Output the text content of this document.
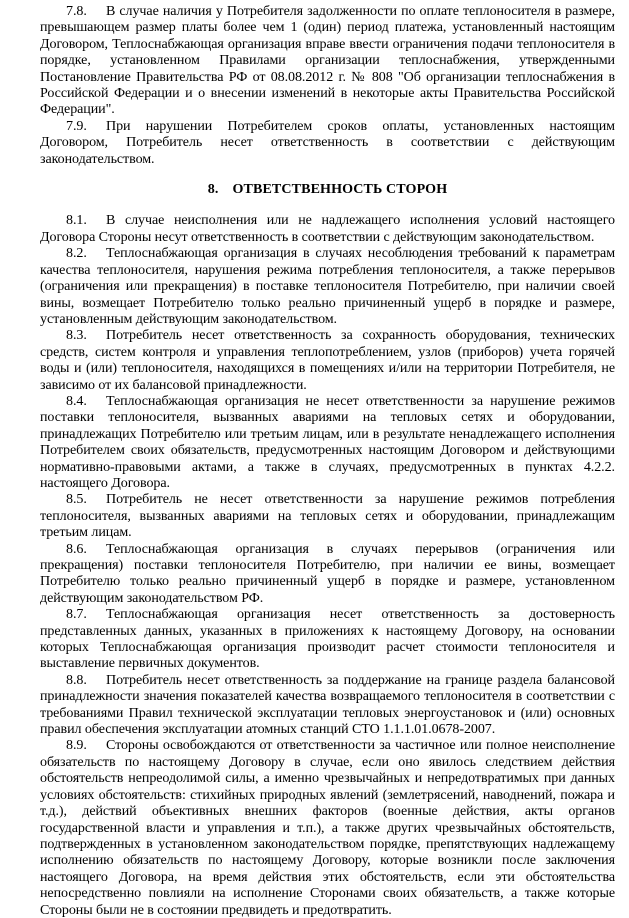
7.8. В случае наличия у Потребителя задолженности по оплате теплоносителя в размере, превышающем размер платы более чем 1 (один) период платежа, установленный настоящим Договором, Теплоснабжающая организация вправе ввести ограничения подачи теплоносителя в порядке, установленном Правилами организации теплоснабжения, утвержденными Постановление Правительства РФ от 08.08.2012 г. № 808 "Об организации теплоснабжения в Российской Федерации и о внесении изменений в некоторые акты Правительства Российской Федерации".

7.9. При нарушении Потребителем сроков оплаты, установленных настоящим Договором, Потребитель несет ответственность в соответствии с действующим законодательством.

8. ОТВЕТСТВЕННОСТЬ СТОРОН

8.1. В случае неисполнения или не надлежащего исполнения условий настоящего Договора Стороны несут ответственность в соответствии с действующим законодательством.

8.2. Теплоснабжающая организация в случаях несоблюдения требований к параметрам качества теплоносителя, нарушения режима потребления теплоносителя, а также перерывов (ограничения или прекращения) в поставке теплоносителя Потребителю, при наличии своей вины, возмещает Потребителю только реально причиненный ущерб в порядке и размере, установленным действующим законодательством.

8.3. Потребитель несет ответственность за сохранность оборудования, технических средств, систем контроля и управления теплопотреблением, узлов (приборов) учета горячей воды и (или) теплоносителя, находящихся в помещениях и/или на территории Потребителя, не зависимо от их балансовой принадлежности.

8.4. Теплоснабжающая организация не несет ответственности за нарушение режимов поставки теплоносителя, вызванных авариями на тепловых сетях и оборудовании, принадлежащих Потребителю или третьим лицам, или в результате ненадлежащего исполнения Потребителем своих обязательств, предусмотренных настоящим Договором и действующими нормативно-правовыми актами, а также в случаях, предусмотренных в пунктах 4.2.2. настоящего Договора.

8.5. Потребитель не несет ответственности за нарушение режимов потребления теплоносителя, вызванных авариями на тепловых сетях и оборудовании, принадлежащим третьим лицам.

8.6. Теплоснабжающая организация в случаях перерывов (ограничения или прекращения) поставки теплоносителя Потребителю, при наличии ее вины, возмещает Потребителю только реально причиненный ущерб в порядке и размере, установленном действующим законодательством РФ.

8.7. Теплоснабжающая организация несет ответственность за достоверность представленных данных, указанных в приложениях к настоящему Договору, на основании которых Теплоснабжающая организация производит расчет стоимости теплоносителя и выставление первичных документов.

8.8. Потребитель несет ответственность за поддержание на границе раздела балансовой принадлежности значения показателей качества возвращаемого теплоносителя в соответствии с требованиями Правил технической эксплуатации тепловых энергоустановок и (или) основных правил обеспечения эксплуатации атомных станций СТО 1.1.1.01.0678-2007.

8.9. Стороны освобождаются от ответственности за частичное или полное неисполнение обязательств по настоящему Договору в случае, если оно явилось следствием действия обстоятельств непреодолимой силы, а именно чрезвычайных и непредотвратимых при данных условиях обстоятельств: стихийных природных явлений (землетрясений, наводнений, пожара и т.д.), действий объективных внешних факторов (военные действия, акты органов государственной власти и управления и т.п.), а также других чрезвычайных обстоятельств, подтвержденных в установленном законодательством порядке, препятствующих надлежащему исполнению обязательств по настоящему Договору, которые возникли после заключения настоящего Договора, на время действия этих обстоятельств, если эти обстоятельства непосредственно повлияли на исполнение Сторонами своих обязательств, а также которые Стороны были не в состоянии предвидеть и предотвратить.
